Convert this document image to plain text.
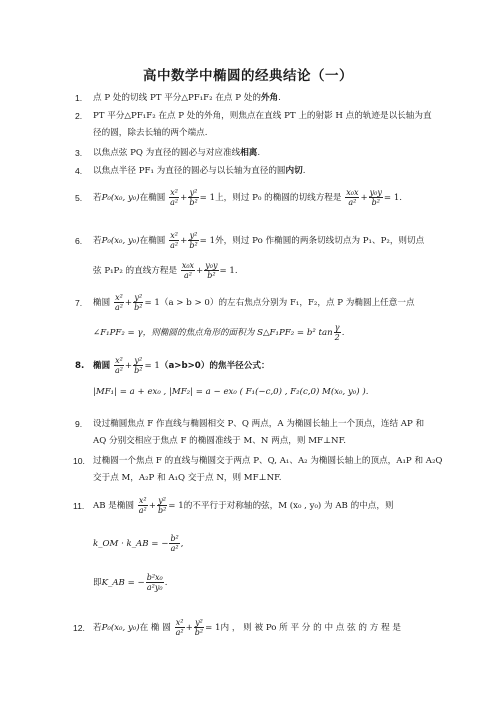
高中数学中椭圆的经典结论（一）
1. 点 P 处的切线 PT 平分△PF₁F₂ 在点 P 处的外角.
2. PT 平分△PF₁F₂ 在点 P 处的外角，则焦点在直线 PT 上的射影 H 点的轨迹是以长轴为直
径的圆，除去长轴的两个端点.
3. 以焦点弦 PQ 为直径的圆必与对应准线相离.
4. 以焦点半径 PF₁ 为直径的圆必与以长轴为直径的圆内切.
5. 若P₀(x₀, y₀)在椭圆 $\frac{\text{x²}}{\text{a²}} + \frac{\text{y²}}{\text{b²}} = 1$上，则过 P₀ 的椭圆的切线方程是 $\frac{\text{x₀x}}{\text{a²}} + \frac{\text{y₀y}}{\text{b²}} = 1$.
6. 若P₀(x₀, y₀)在椭圆 $\frac{\text{x²}}{\text{a²}} + \frac{\text{y²}}{\text{b²}} = 1$外，则过 Po 作椭圆的两条切线切点为 P₁、P₂，则切点
弦 P₁P₂ 的直线方程是 $\frac{\text{x₀x}}{\text{a²}} + \frac{\text{y₀y}}{\text{b²}} = 1$.
7. 椭圆 $\frac{\text{x²}}{\text{a²}} + \frac{\text{y²}}{\text{b²}} = 1(a > b > 0)$的左右焦点分别为 F₁，F₂，点 P 为椭圆上任意一点
∠F₁PF₂ = γ，则椭圆的焦点角形的面积为 S△F₁PF₂ = b² $\tan \frac{\gamma}{2}$ .
8. 椭圆 $\frac{\text{x²}}{\text{a²}} + \frac{\text{y²}}{\text{b²}} = 1(a>b>0)$的焦半径公式：
|MF₁| = a + ex₀ , |MF₂| = a − ex₀ ( F₁(−c,0) , F₂(c,0) M(x₀, y₀) ).
9. 设过椭圆焦点 F 作直线与椭圆相交 P、Q 两点，A 为椭圆长轴上一个顶点，连结 AP 和
AQ 分别交相应于焦点 F 的椭圆准线于 M、N 两点，则 MF⊥NF.
10. 过椭圆一个焦点 F 的直线与椭圆交于两点 P、Q, A₁、A₂ 为椭圆长轴上的顶点，A₁P 和 A₂Q
交于点 M，A₂P 和 A₁Q 交于点 N，则 MF⊥NF.
11. AB 是椭圆 $\frac{\text{x²}}{\text{a²}} + \frac{\text{y²}}{\text{b²}} = 1$的不平行于对称轴的弦，M (x₀ , y₀) 为 AB 的中点，则
k_OM · k_AB = − $\frac{\text{b²}}{\text{a²}}$ ,
即K_AB = − $\frac{\text{b²x₀}}{\text{a²y₀}}$ .
12. 若P₀(x₀, y₀)在 椭 圆 $\frac{\text{x²}}{\text{a²}} + \frac{\text{y²}}{\text{b²}} = 1$内 ， 则 被 Po 所 平 分 的 中 点 弦 的 方 程 是
